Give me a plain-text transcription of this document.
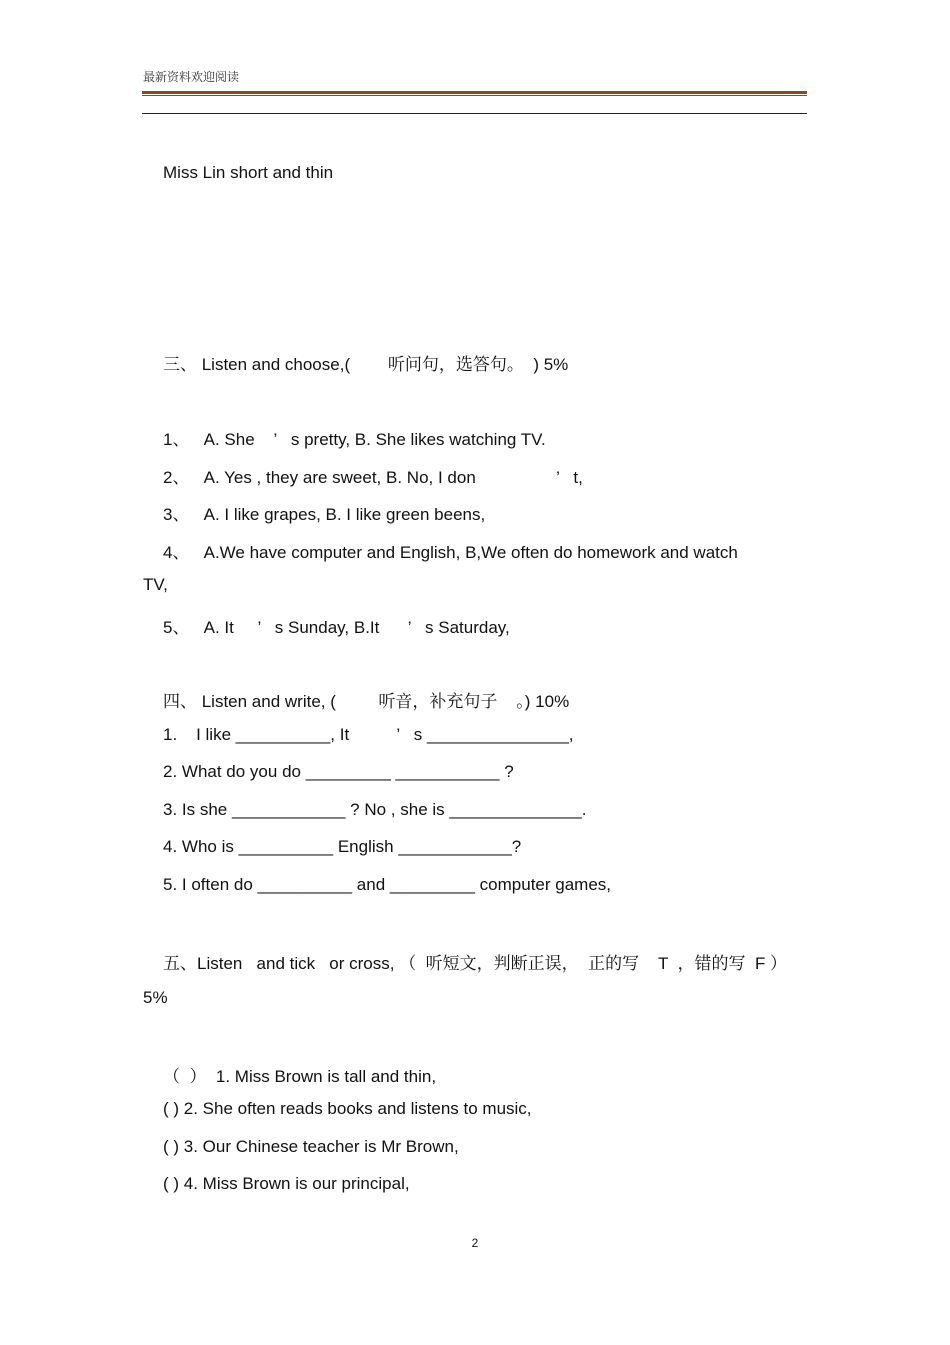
最新资料欢迎阅读
Miss Lin short and thin
三、 Listen and choose,(        听问句，选答句。  ) 5%
1、   A. She    ’   s pretty, B. She likes watching TV.
2、   A. Yes , they are sweet, B. No, I don                 ’   t,
3、   A. I like grapes, B. I like green beens,
4、   A.We have computer and English, B,We often do homework and watch
TV,
5、   A. It     ’   s Sunday, B.It      ’   s Saturday,
四、 Listen and write, (         听音，补充句子    。) 10%
1.    I like __________, It          ’   s _______________,
2. What do you do _________ ___________ ?
3. Is she ____________ ? No , she is ______________.
4. Who is __________ English ____________?
5. I often do __________ and _________ computer games,
五、Listen   and tick   or cross, （  听短文，判断正误，  正的写    T  ，错的写  F ）
5%
（  ）  1. Miss Brown is tall and thin,
( ) 2. She often reads books and listens to music,
( ) 3. Our Chinese teacher is Mr Brown,
( ) 4. Miss Brown is our principal,
2
